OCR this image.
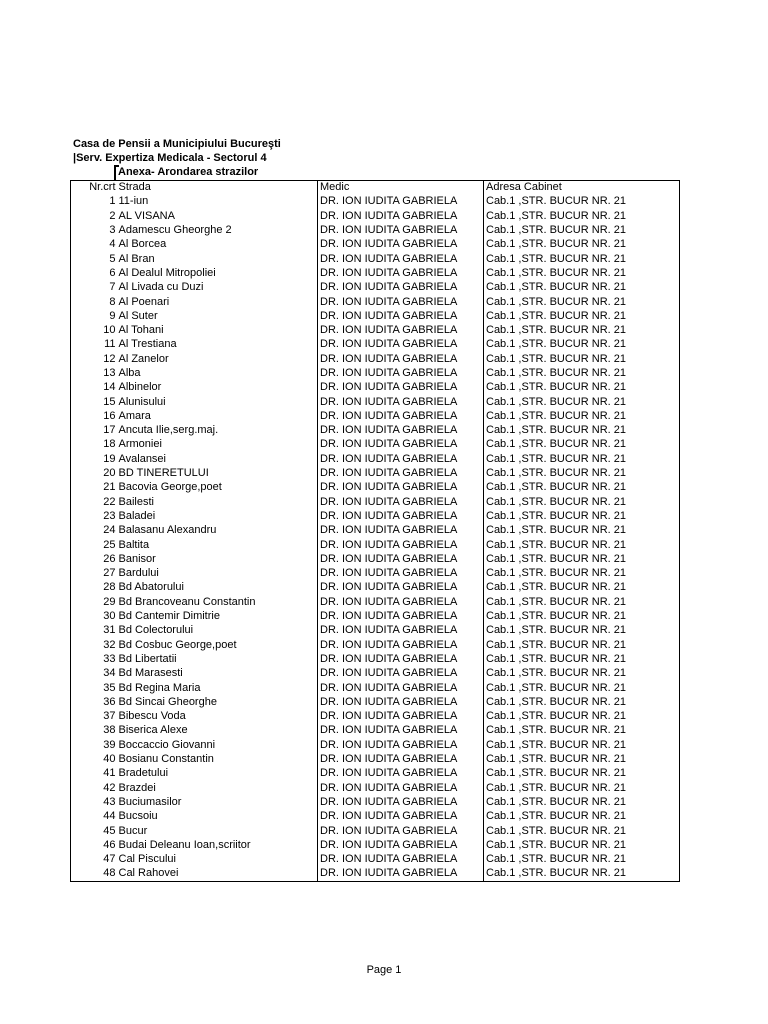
Casa de Pensii a Municipiului Bucureşti
|Serv. Expertiza Medicala - Sectorul 4
Anexa- Arondarea strazilor
Nr.crt	Strada	Medic	Adresa Cabinet
1	11-iun	DR. ION IUDITA GABRIELA	Cab.1 ,STR. BUCUR NR. 21
2	AL VISANA	DR. ION IUDITA GABRIELA	Cab.1 ,STR. BUCUR NR. 21
3	Adamescu Gheorghe 2	DR. ION IUDITA GABRIELA	Cab.1 ,STR. BUCUR NR. 21
4	Al Borcea	DR. ION IUDITA GABRIELA	Cab.1 ,STR. BUCUR NR. 21
5	Al Bran	DR. ION IUDITA GABRIELA	Cab.1 ,STR. BUCUR NR. 21
6	Al Dealul Mitropoliei	DR. ION IUDITA GABRIELA	Cab.1 ,STR. BUCUR NR. 21
7	Al Livada cu Duzi	DR. ION IUDITA GABRIELA	Cab.1 ,STR. BUCUR NR. 21
8	Al Poenari	DR. ION IUDITA GABRIELA	Cab.1 ,STR. BUCUR NR. 21
9	Al Suter	DR. ION IUDITA GABRIELA	Cab.1 ,STR. BUCUR NR. 21
10	Al Tohani	DR. ION IUDITA GABRIELA	Cab.1 ,STR. BUCUR NR. 21
11	Al Trestiana	DR. ION IUDITA GABRIELA	Cab.1 ,STR. BUCUR NR. 21
12	Al Zanelor	DR. ION IUDITA GABRIELA	Cab.1 ,STR. BUCUR NR. 21
13	Alba	DR. ION IUDITA GABRIELA	Cab.1 ,STR. BUCUR NR. 21
14	Albinelor	DR. ION IUDITA GABRIELA	Cab.1 ,STR. BUCUR NR. 21
15	Alunisului	DR. ION IUDITA GABRIELA	Cab.1 ,STR. BUCUR NR. 21
16	Amara	DR. ION IUDITA GABRIELA	Cab.1 ,STR. BUCUR NR. 21
17	Ancuta Ilie,serg.maj.	DR. ION IUDITA GABRIELA	Cab.1 ,STR. BUCUR NR. 21
18	Armoniei	DR. ION IUDITA GABRIELA	Cab.1 ,STR. BUCUR NR. 21
19	Avalansei	DR. ION IUDITA GABRIELA	Cab.1 ,STR. BUCUR NR. 21
20	BD TINERETULUI	DR. ION IUDITA GABRIELA	Cab.1 ,STR. BUCUR NR. 21
21	Bacovia George,poet	DR. ION IUDITA GABRIELA	Cab.1 ,STR. BUCUR NR. 21
22	Bailesti	DR. ION IUDITA GABRIELA	Cab.1 ,STR. BUCUR NR. 21
23	Baladei	DR. ION IUDITA GABRIELA	Cab.1 ,STR. BUCUR NR. 21
24	Balasanu Alexandru	DR. ION IUDITA GABRIELA	Cab.1 ,STR. BUCUR NR. 21
25	Baltita	DR. ION IUDITA GABRIELA	Cab.1 ,STR. BUCUR NR. 21
26	Banisor	DR. ION IUDITA GABRIELA	Cab.1 ,STR. BUCUR NR. 21
27	Bardului	DR. ION IUDITA GABRIELA	Cab.1 ,STR. BUCUR NR. 21
28	Bd Abatorului	DR. ION IUDITA GABRIELA	Cab.1 ,STR. BUCUR NR. 21
29	Bd Brancoveanu Constantin	DR. ION IUDITA GABRIELA	Cab.1 ,STR. BUCUR NR. 21
30	Bd Cantemir Dimitrie	DR. ION IUDITA GABRIELA	Cab.1 ,STR. BUCUR NR. 21
31	Bd Colectorului	DR. ION IUDITA GABRIELA	Cab.1 ,STR. BUCUR NR. 21
32	Bd Cosbuc George,poet	DR. ION IUDITA GABRIELA	Cab.1 ,STR. BUCUR NR. 21
33	Bd Libertatii	DR. ION IUDITA GABRIELA	Cab.1 ,STR. BUCUR NR. 21
34	Bd Marasesti	DR. ION IUDITA GABRIELA	Cab.1 ,STR. BUCUR NR. 21
35	Bd Regina Maria	DR. ION IUDITA GABRIELA	Cab.1 ,STR. BUCUR NR. 21
36	Bd Sincai Gheorghe	DR. ION IUDITA GABRIELA	Cab.1 ,STR. BUCUR NR. 21
37	Bibescu Voda	DR. ION IUDITA GABRIELA	Cab.1 ,STR. BUCUR NR. 21
38	Biserica Alexe	DR. ION IUDITA GABRIELA	Cab.1 ,STR. BUCUR NR. 21
39	Boccaccio Giovanni	DR. ION IUDITA GABRIELA	Cab.1 ,STR. BUCUR NR. 21
40	Bosianu Constantin	DR. ION IUDITA GABRIELA	Cab.1 ,STR. BUCUR NR. 21
41	Bradetului	DR. ION IUDITA GABRIELA	Cab.1 ,STR. BUCUR NR. 21
42	Brazdei	DR. ION IUDITA GABRIELA	Cab.1 ,STR. BUCUR NR. 21
43	Buciumasilor	DR. ION IUDITA GABRIELA	Cab.1 ,STR. BUCUR NR. 21
44	Bucsoiu	DR. ION IUDITA GABRIELA	Cab.1 ,STR. BUCUR NR. 21
45	Bucur	DR. ION IUDITA GABRIELA	Cab.1 ,STR. BUCUR NR. 21
46	Budai Deleanu Ioan,scriitor	DR. ION IUDITA GABRIELA	Cab.1 ,STR. BUCUR NR. 21
47	Cal Piscului	DR. ION IUDITA GABRIELA	Cab.1 ,STR. BUCUR NR. 21
48	Cal Rahovei	DR. ION IUDITA GABRIELA	Cab.1 ,STR. BUCUR NR. 21
Page 1
